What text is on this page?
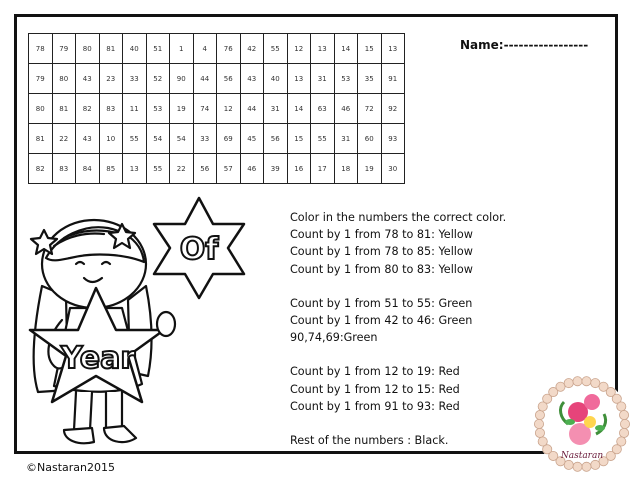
78	79	80	81	40	51	1	4	76	42	55	12	13	14	15	13
79	80	43	23	33	52	90	44	56	43	40	13	31	53	35	91
80	81	82	83	11	53	19	74	12	44	31	14	63	46	72	92
81	22	43	10	55	54	54	33	69	45	56	15	55	31	60	93
82	83	84	85	13	55	22	56	57	46	39	16	17	18	19	30
Name:-----------------
Color in the numbers the correct color.
Count by 1 from 78 to 81: Yellow
Count by 1 from 78 to 85: Yellow
Count by 1 from 80 to 83: Yellow
Count by 1 from 51 to 55: Green
Count by 1 from 42 to 46: Green
90,74,69:Green
Count by 1 from 12 to 19: Red
Count by 1 from 12 to 15: Red
Count by 1 from 91 to 93: Red
Rest of the numbers : Black.
Of
Year
Nastaran
©Nastaran2015
